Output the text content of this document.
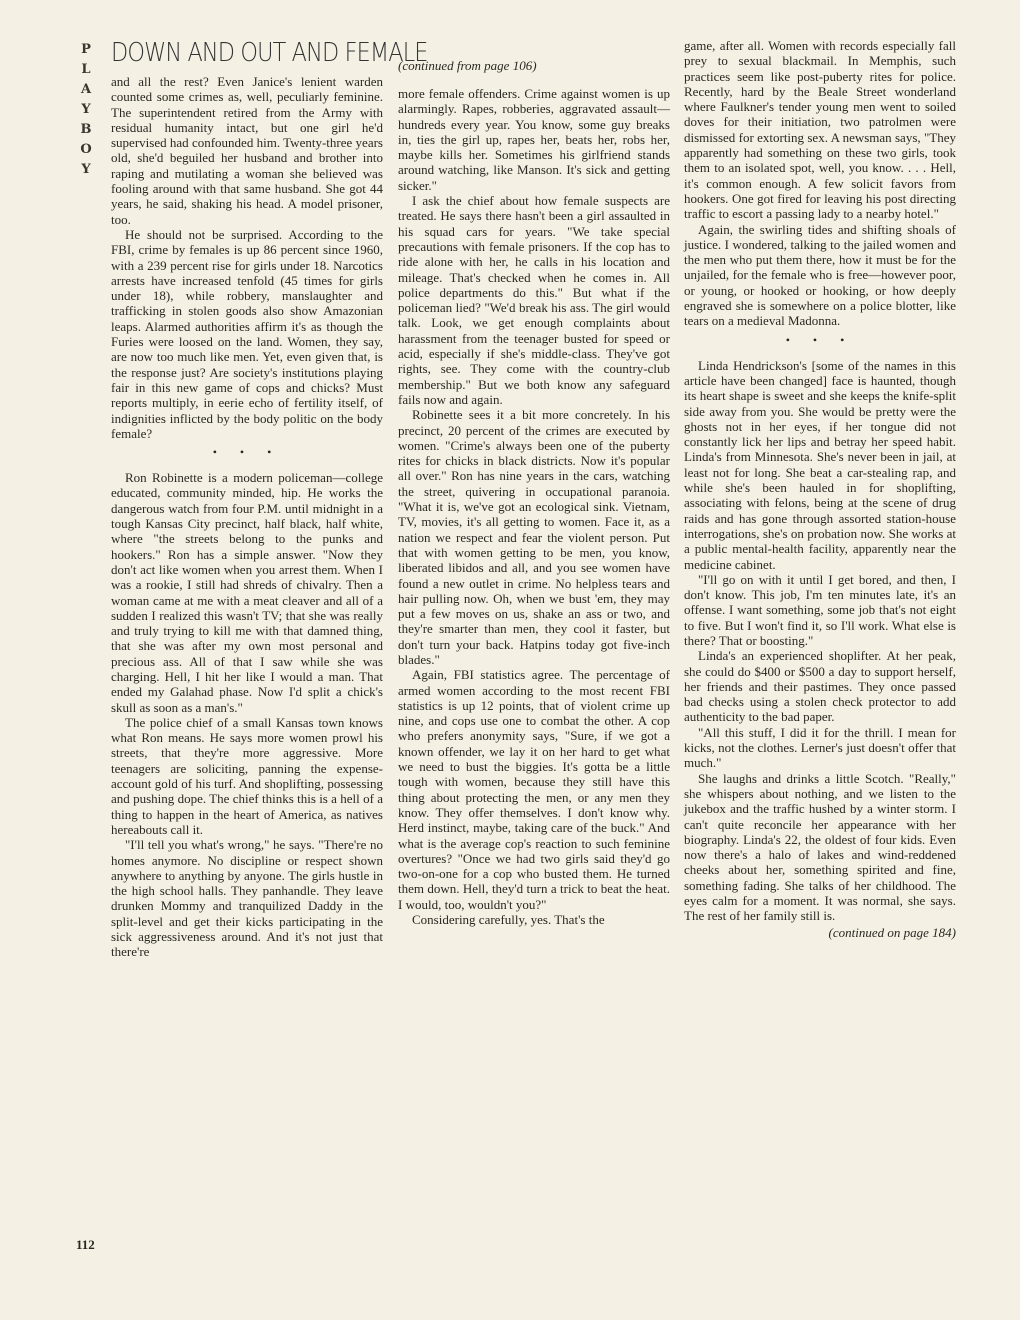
P
L
A
Y
B
O
Y
DOWN AND OUT AND FEMALE

and all the rest? Even Janice's lenient warden counted some crimes as, well, peculiarly feminine. The superintendent retired from the Army with residual humanity intact, but one girl he'd supervised had confounded him. Twenty-three years old, she'd beguiled her husband and brother into raping and mutilating a woman she believed was fooling around with that same husband. She got 44 years, he said, shaking his head. A model prisoner, too.

He should not be surprised. According to the FBI, crime by females is up 86 percent since 1960, with a 239 percent rise for girls under 18. Narcotics arrests have increased tenfold (45 times for girls under 18), while robbery, manslaughter and trafficking in stolen goods also show Amazonian leaps. Alarmed authorities affirm it's as though the Furies were loosed on the land. Women, they say, are now too much like men. Yet, even given that, is the response just? Are society's institutions playing fair in this new game of cops and chicks? Must reports multiply, in eerie echo of fertility itself, of indignities inflicted by the body politic on the body female?

• • •

Ron Robinette is a modern policeman—college educated, community minded, hip. He works the dangerous watch from four P.M. until midnight in a tough Kansas City precinct, half black, half white, where "the streets belong to the punks and hookers." Ron has a simple answer. "Now they don't act like women when you arrest them. When I was a rookie, I still had shreds of chivalry. Then a woman came at me with a meat cleaver and all of a sudden I realized this wasn't TV; that she was really and truly trying to kill me with that damned thing, that she was after my own most personal and precious ass. All of that I saw while she was charging. Hell, I hit her like I would a man. That ended my Galahad phase. Now I'd split a chick's skull as soon as a man's."

The police chief of a small Kansas town knows what Ron means. He says more women prowl his streets, that they're more aggressive. More teenagers are soliciting, panning the expense-account gold of his turf. And shoplifting, possessing and pushing dope. The chief thinks this is a hell of a thing to happen in the heart of America, as natives hereabouts call it.

"I'll tell you what's wrong," he says. "There're no homes anymore. No discipline or respect shown anywhere to anything by anyone. The girls hustle in the high school halls. They panhandle. They leave drunken Mommy and tranquilized Daddy in the split-level and get their kicks participating in the sick aggressiveness around. And it's not just that there're

(continued from page 106)

more female offenders. Crime against women is up alarmingly. Rapes, robberies, aggravated assault—hundreds every year. You know, some guy breaks in, ties the girl up, rapes her, beats her, robs her, maybe kills her. Sometimes his girlfriend stands around watching, like Manson. It's sick and getting sicker."

I ask the chief about how female suspects are treated. He says there hasn't been a girl assaulted in his squad cars for years. "We take special precautions with female prisoners. If the cop has to ride alone with her, he calls in his location and mileage. That's checked when he comes in. All police departments do this." But what if the policeman lied? "We'd break his ass. The girl would talk. Look, we get enough complaints about harassment from the teenager busted for speed or acid, especially if she's middle-class. They've got rights, see. They come with the country-club membership." But we both know any safeguard fails now and again.

Robinette sees it a bit more concretely. In his precinct, 20 percent of the crimes are executed by women. "Crime's always been one of the puberty rites for chicks in black districts. Now it's popular all over." Ron has nine years in the cars, watching the street, quivering in occupational paranoia. "What it is, we've got an ecological sink. Vietnam, TV, movies, it's all getting to women. Face it, as a nation we respect and fear the violent person. Put that with women getting to be men, you know, liberated libidos and all, and you see women have found a new outlet in crime. No helpless tears and hair pulling now. Oh, when we bust 'em, they may put a few moves on us, shake an ass or two, and they're smarter than men, they cool it faster, but don't turn your back. Hatpins today got five-inch blades."

Again, FBI statistics agree. The percentage of armed women according to the most recent FBI statistics is up 12 points, that of violent crime up nine, and cops use one to combat the other. A cop who prefers anonymity says, "Sure, if we got a known offender, we lay it on her hard to get what we need to bust the biggies. It's gotta be a little tough with women, because they still have this thing about protecting the men, or any men they know. They offer themselves. I don't know why. Herd instinct, maybe, taking care of the buck." And what is the average cop's reaction to such feminine overtures? "Once we had two girls said they'd go two-on-one for a cop who busted them. He turned them down. Hell, they'd turn a trick to beat the heat. I would, too, wouldn't you?"

Considering carefully, yes. That's the

game, after all. Women with records especially fall prey to sexual blackmail. In Memphis, such practices seem like post-puberty rites for police. Recently, hard by the Beale Street wonderland where Faulkner's tender young men went to soiled doves for their initiation, two patrolmen were dismissed for extorting sex. A newsman says, "They apparently had something on these two girls, took them to an isolated spot, well, you know. . . . Hell, it's common enough. A few solicit favors from hookers. One got fired for leaving his post directing traffic to escort a passing lady to a nearby hotel."

Again, the swirling tides and shifting shoals of justice. I wondered, talking to the jailed women and the men who put them there, how it must be for the unjailed, for the female who is free—however poor, or young, or hooked or hooking, or how deeply engraved she is somewhere on a police blotter, like tears on a medieval Madonna.

• • •

Linda Hendrickson's [some of the names in this article have been changed] face is haunted, though its heart shape is sweet and she keeps the knife-split side away from you. She would be pretty were the ghosts not in her eyes, if her tongue did not constantly lick her lips and betray her speed habit. Linda's from Minnesota. She's never been in jail, at least not for long. She beat a car-stealing rap, and while she's been hauled in for shoplifting, associating with felons, being at the scene of drug raids and has gone through assorted station-house interrogations, she's on probation now. She works at a public mental-health facility, apparently near the medicine cabinet.

"I'll go on with it until I get bored, and then, I don't know. This job, I'm ten minutes late, it's an offense. I want something, some job that's not eight to five. But I won't find it, so I'll work. What else is there? That or boosting."

Linda's an experienced shoplifter. At her peak, she could do $400 or $500 a day to support herself, her friends and their pastimes. They once passed bad checks using a stolen check protector to add authenticity to the bad paper.

"All this stuff, I did it for the thrill. I mean for kicks, not the clothes. Lerner's just doesn't offer that much."

She laughs and drinks a little Scotch. "Really," she whispers about nothing, and we listen to the jukebox and the traffic hushed by a winter storm. I can't quite reconcile her appearance with her biography. Linda's 22, the oldest of four kids. Even now there's a halo of lakes and wind-reddened cheeks about her, something spirited and fine, something fading. She talks of her childhood. The eyes calm for a moment. It was normal, she says. The rest of her family still is.

(continued on page 184)
112
